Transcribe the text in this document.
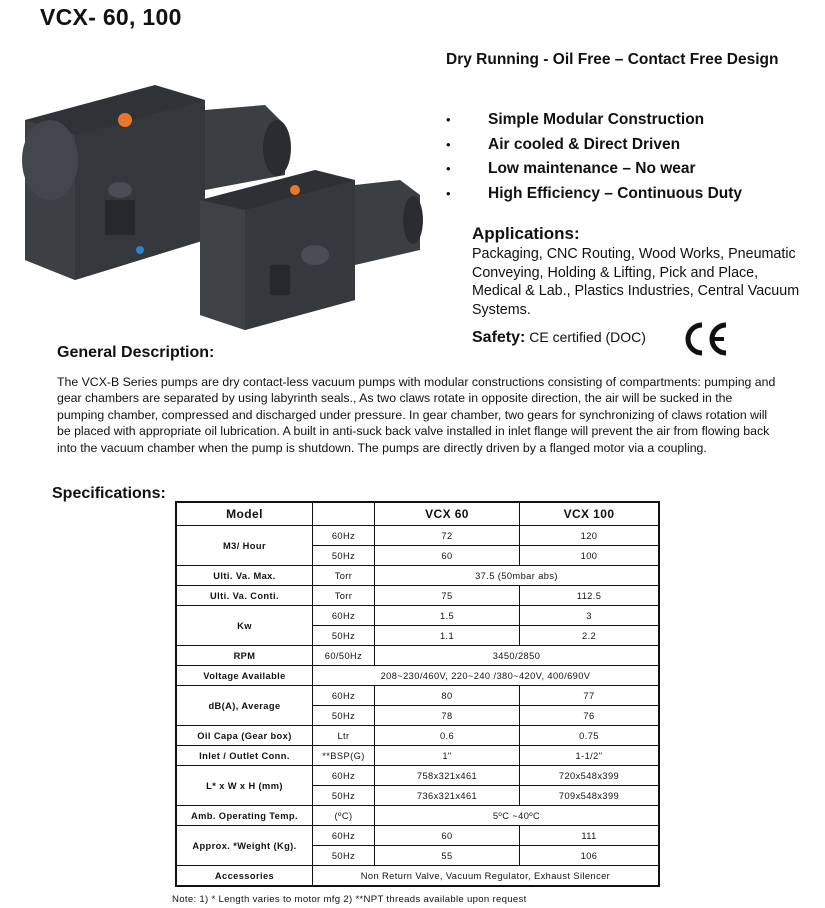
VCX- 60, 100
Dry Running - Oil Free – Contact Free Design
• Simple Modular Construction
• Air cooled & Direct Driven
• Low maintenance – No wear
• High Efficiency – Continuous Duty
Applications:
Packaging, CNC Routing, Wood Works, Pneumatic Conveying, Holding & Lifting, Pick and Place, Medical & Lab., Plastics Industries, Central Vacuum Systems.
Safety: CE certified (DOC)
General Description:
The VCX-B Series pumps are dry contact-less vacuum pumps with modular constructions consisting of compartments: pumping and gear chambers are separated by using labyrinth seals., As two claws rotate in opposite direction, the air will be sucked in the pumping chamber, compressed and discharged under pressure. In gear chamber, two gears for synchronizing of claws rotation will be placed with appropriate oil lubrication. A built in anti-suck back valve installed in inlet flange will prevent the air from flowing back into the vacuum chamber when the pump is shutdown. The pumps are directly driven by a flanged motor via a coupling.
Specifications:
Model		VCX 60	VCX 100
M3/ Hour	60Hz	72	120
	50Hz	60	100
Ulti. Va. Max.	Torr	37.5 (50mbar abs)	
Ulti. Va. Conti.	Torr	75	112.5
Kw	60Hz	1.5	3
	50Hz	1.1	2.2
RPM	60/50Hz	3450/2850	
Voltage Available	208~230/460V, 220~240 /380~420V, 400/690V		
dB(A), Average	60Hz	80	77
	50Hz	78	76
Oil Capa (Gear box)	Ltr	0.6	0.75
Inlet / Outlet Conn.	**BSP(G)	1"	1-1/2"
L* x W x H (mm)	60Hz	758x321x461	720x548x399
	50Hz	736x321x461	709x548x399
Amb. Operating Temp.	(ºC)	5ºC ~40ºC	
Approx. *Weight (Kg).	60Hz	60	111
	50Hz	55	106
Accessories	Non Return Valve, Vacuum Regulator, Exhaust Silencer		
Note: 1) * Length varies to motor mfg 2) **NPT threads available upon request
